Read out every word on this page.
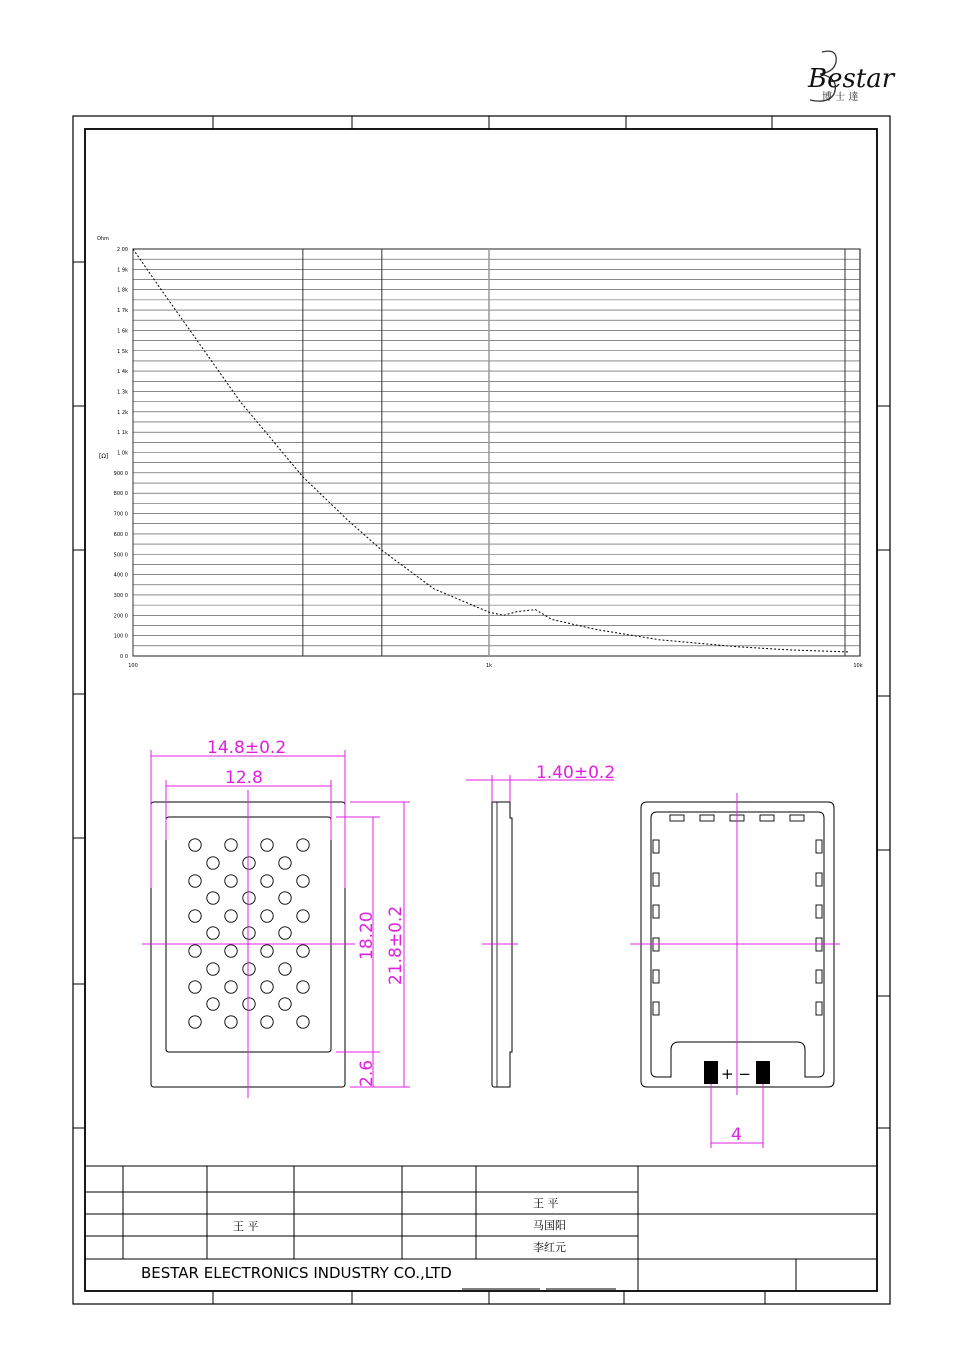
Bestar
博 士 達
2 00
1 9k
1 8k
1 7k
1 6k
1 5k
1 4k
1 3k
1 2k
1 1k
1 0k
900 0
800 0
700 0
600 0
500 0
400 0
300 0
200 0
100 0
0 0
100	1k	10k
Ohm
[Ω]
14.8±0.2
12.8
18.20 21.8±0.2
2.6
1.40±0.2
+ −
4
王 平
王 平	马国阳
李红元
BESTAR ELECTRONICS INDUSTRY CO.,LTD
